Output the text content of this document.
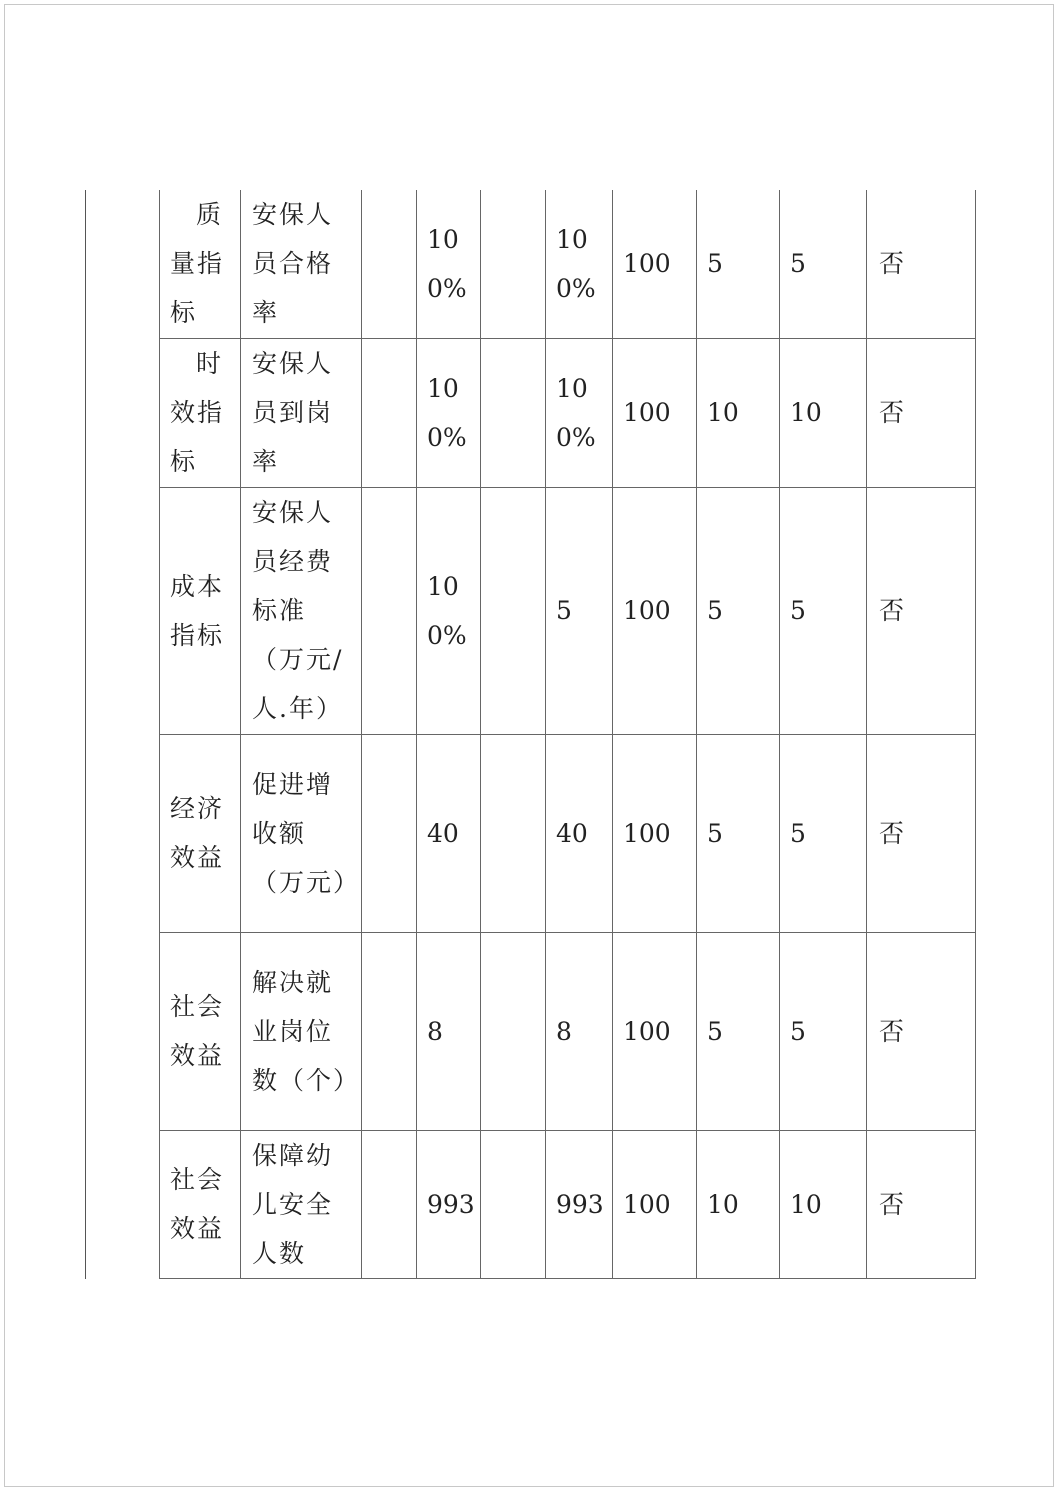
质量指标	安保人员合格率		100%		100%	100	5	5	否

时效指标	安保人员到岗率		100%		100%	100	10	10	否

成本指标	安保人员经费标准（万元/人.年）		100%		5	100	5	5	否

经济效益	促进增收额（万元）		40		40	100	5	5	否

社会效益	解决就业岗位数（个）		8		8	100	5	5	否

社会效益	保障幼儿安全人数		993		993	100	10	10	否
